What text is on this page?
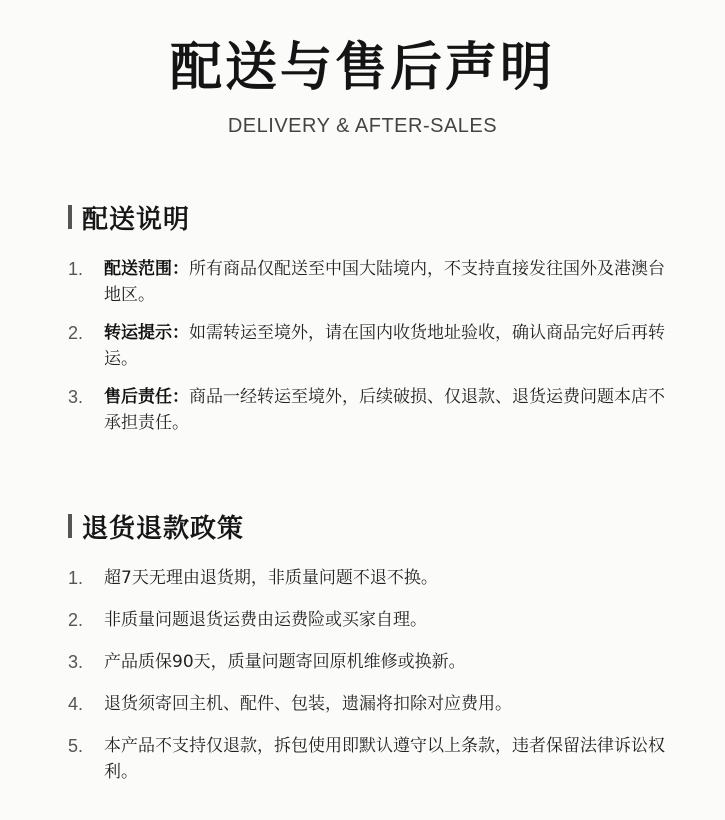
配送与售后声明
DELIVERY & AFTER-SALES
配送说明
1.	配送范围：所有商品仅配送至中国大陆境内，不支持直接发往国外及港澳台地区。
2.	转运提示：如需转运至境外，请在国内收货地址验收，确认商品完好后再转运。
3.	售后责任：商品一经转运至境外，后续破损、仅退款、退货运费问题本店不承担责任。
退货退款政策
1.	超7天无理由退货期，非质量问题不退不换。
2.	非质量问题退货运费由运费险或买家自理。
3.	产品质保90天，质量问题寄回原机维修或换新。
4.	退货须寄回主机、配件、包装，遗漏将扣除对应费用。
5.	本产品不支持仅退款，拆包使用即默认遵守以上条款，违者保留法律诉讼权利。
